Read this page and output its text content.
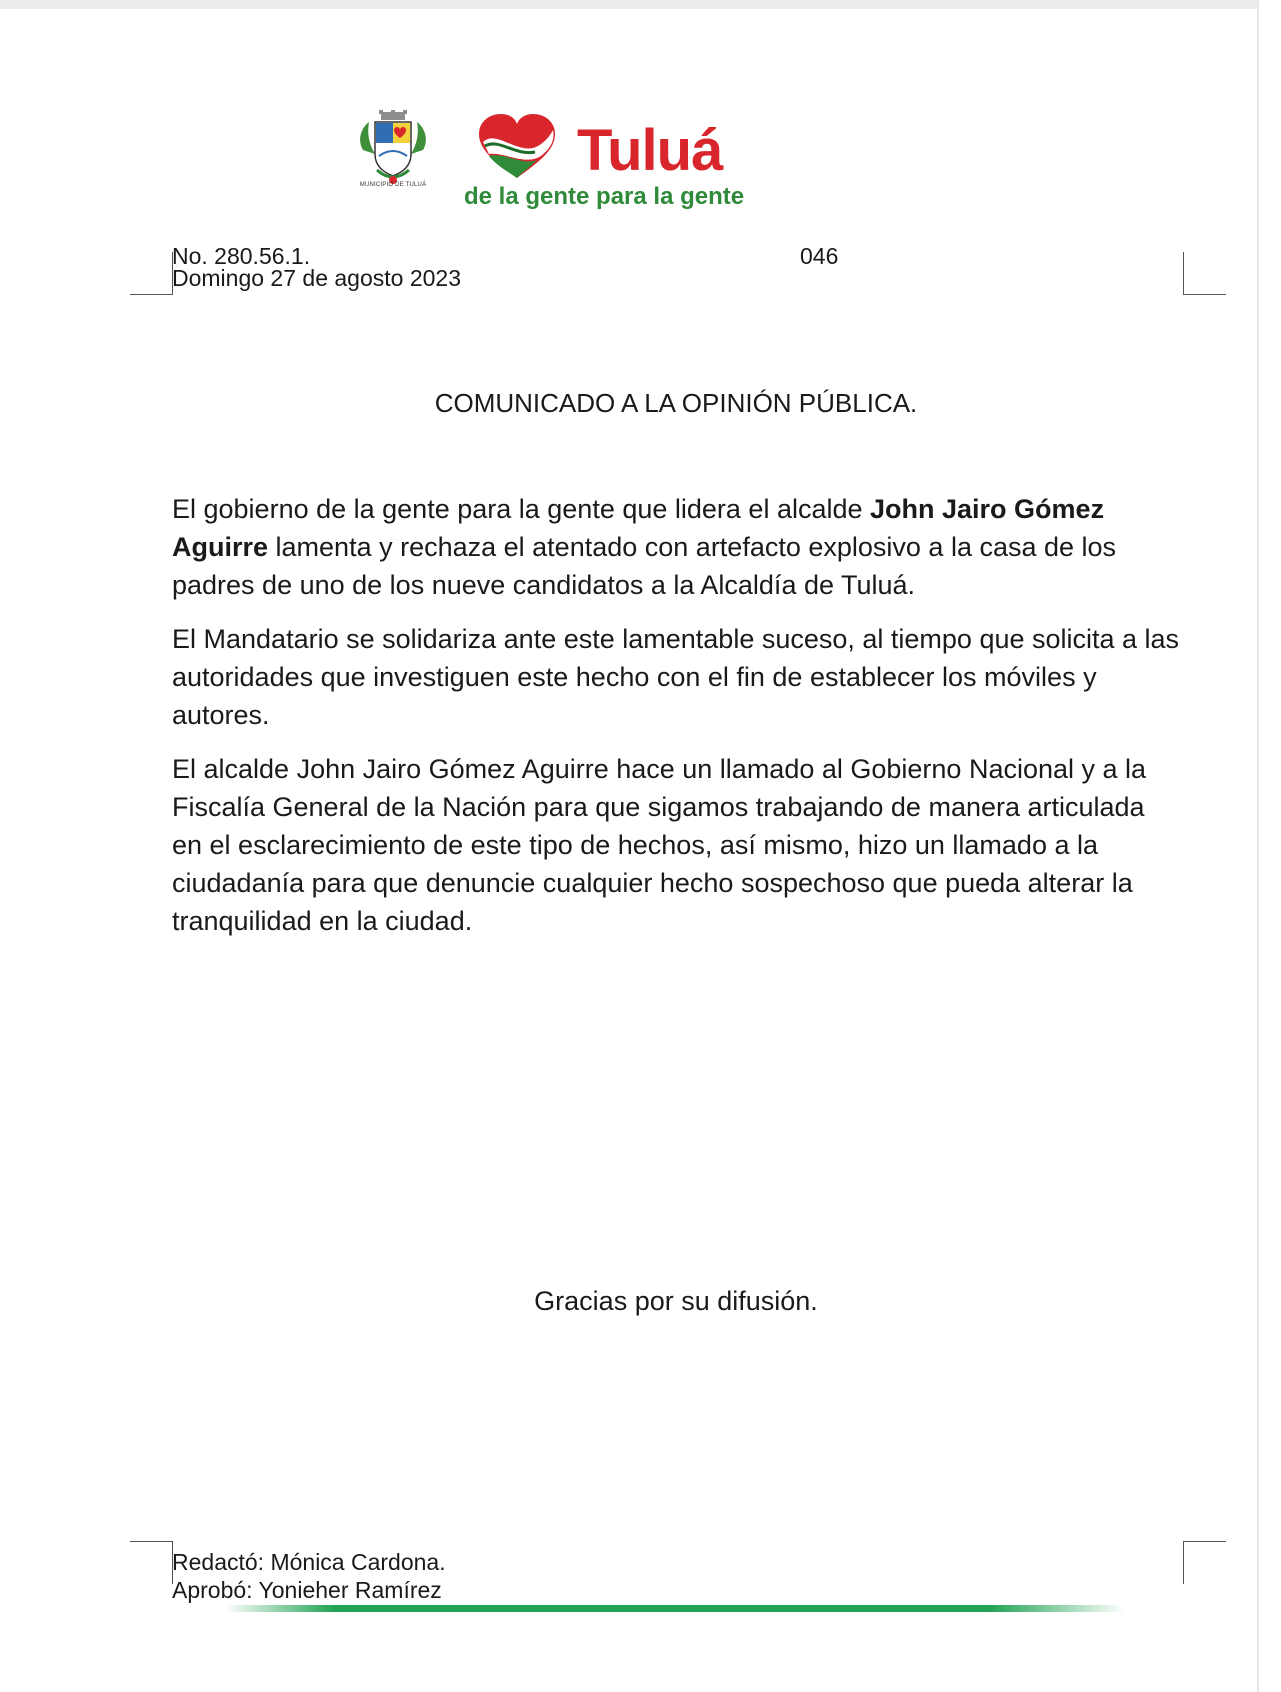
MUNICIPIO DE TULUÁ
Tuluá
de la gente para la gente
No. 280.56.1.
Domingo 27 de agosto 2023
046
COMUNICADO A LA OPINIÓN PÚBLICA.

El gobierno de la gente para la gente que lidera el alcalde John Jairo Gómez Aguirre lamenta y rechaza el atentado con artefacto explosivo a la casa de los padres de uno de los nueve candidatos a la Alcaldía de Tuluá.

El Mandatario se solidariza ante este lamentable suceso, al tiempo que solicita a las autoridades que investiguen este hecho con el fin de establecer los móviles y autores.

El alcalde John Jairo Gómez Aguirre hace un llamado al Gobierno Nacional y a la Fiscalía General de la Nación para que sigamos trabajando de manera articulada en el esclarecimiento de este tipo de hechos, así mismo, hizo un llamado a la ciudadanía para que denuncie cualquier hecho sospechoso que pueda alterar la tranquilidad en la ciudad.

Gracias por su difusión.
Redactó: Mónica Cardona.
Aprobó: Yonieher Ramírez
